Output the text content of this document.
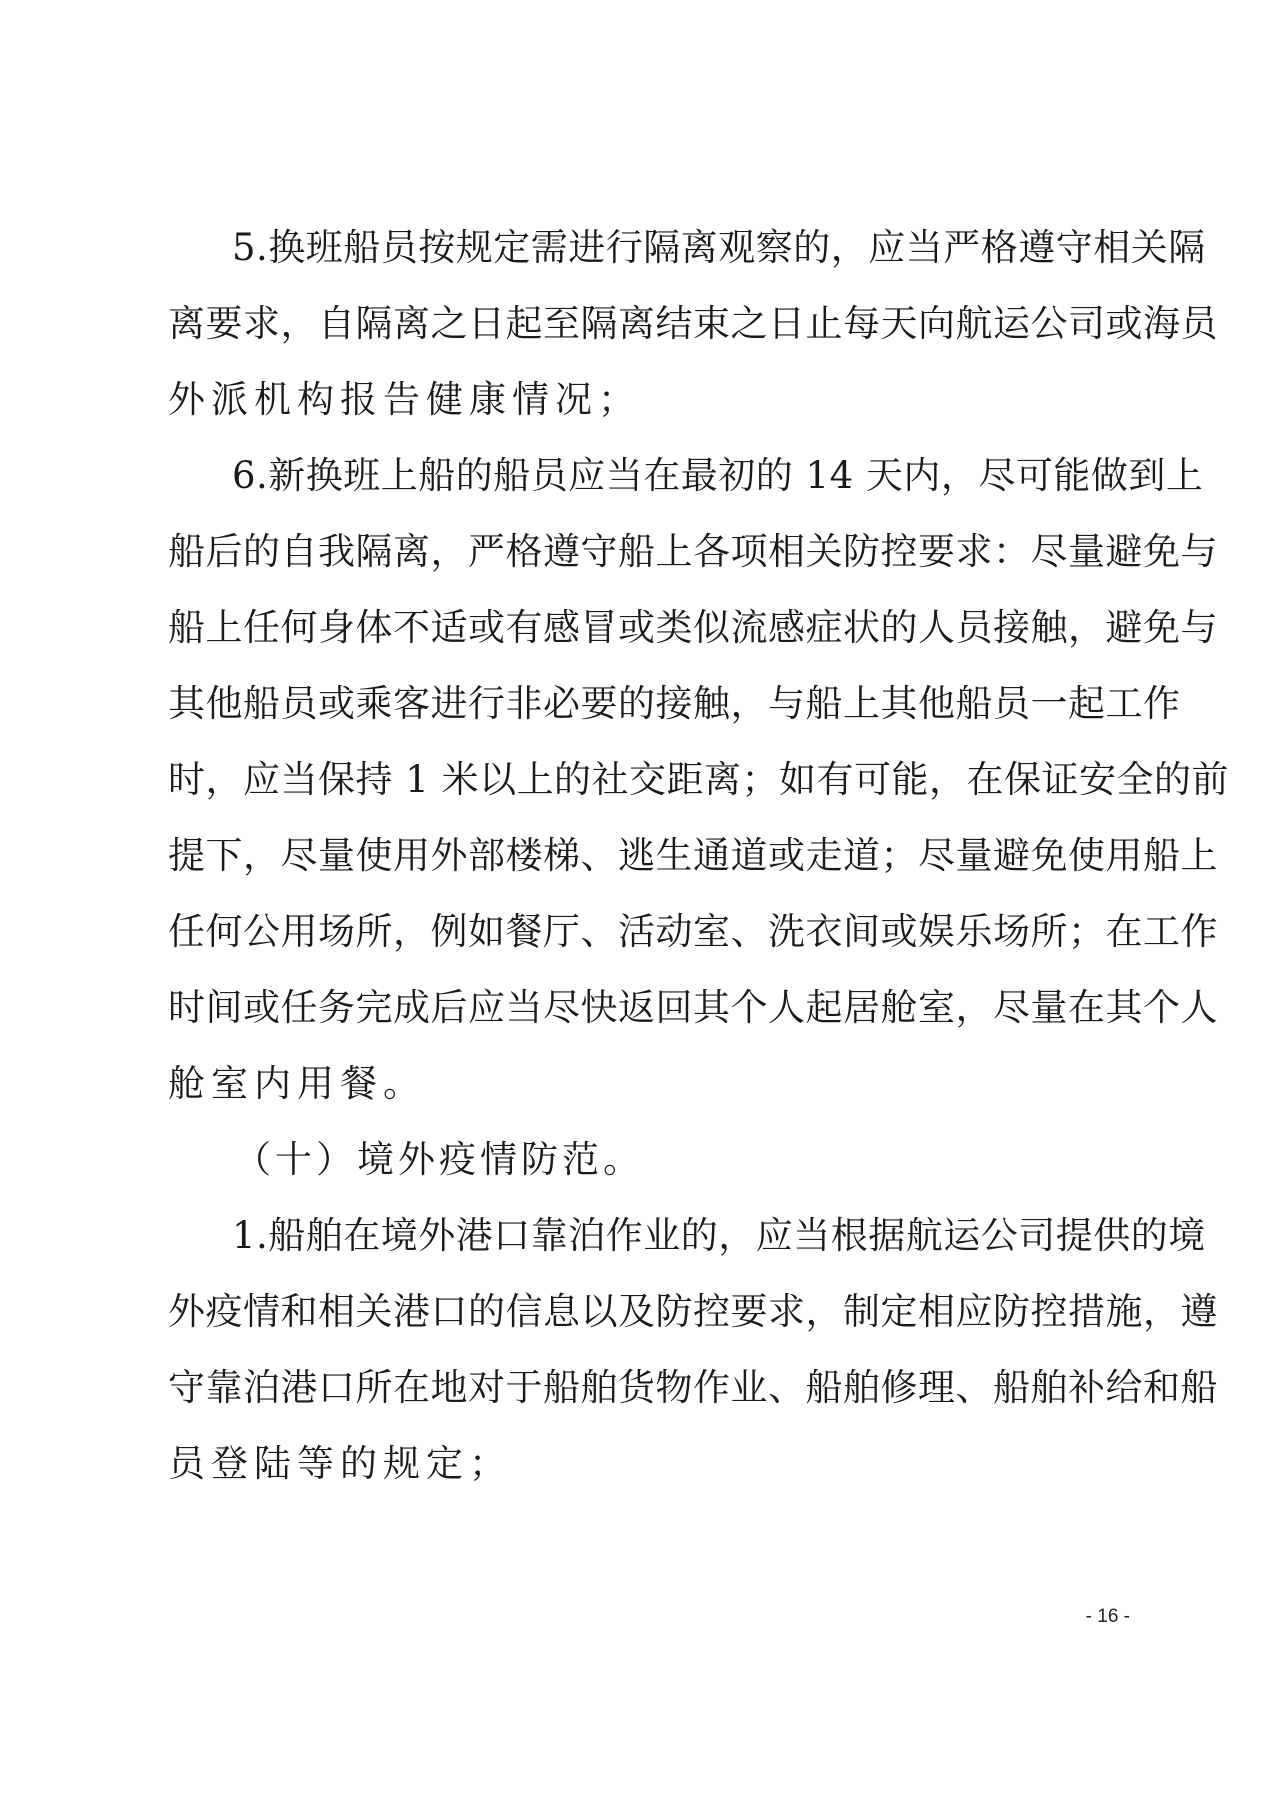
5.换班船员按规定需进行隔离观察的，应当严格遵守相关隔
离要求，自隔离之日起至隔离结束之日止每天向航运公司或海员
外派机构报告健康情况；
6.新换班上船的船员应当在最初的 14 天内，尽可能做到上
船后的自我隔离，严格遵守船上各项相关防控要求：尽量避免与
船上任何身体不适或有感冒或类似流感症状的人员接触，避免与
其他船员或乘客进行非必要的接触，与船上其他船员一起工作
时，应当保持 1 米以上的社交距离；如有可能，在保证安全的前
提下，尽量使用外部楼梯、逃生通道或走道；尽量避免使用船上
任何公用场所，例如餐厅、活动室、洗衣间或娱乐场所；在工作
时间或任务完成后应当尽快返回其个人起居舱室，尽量在其个人
舱室内用餐。
（十）境外疫情防范。
1.船舶在境外港口靠泊作业的，应当根据航运公司提供的境
外疫情和相关港口的信息以及防控要求，制定相应防控措施，遵
守靠泊港口所在地对于船舶货物作业、船舶修理、船舶补给和船
员登陆等的规定；
- 16 -
